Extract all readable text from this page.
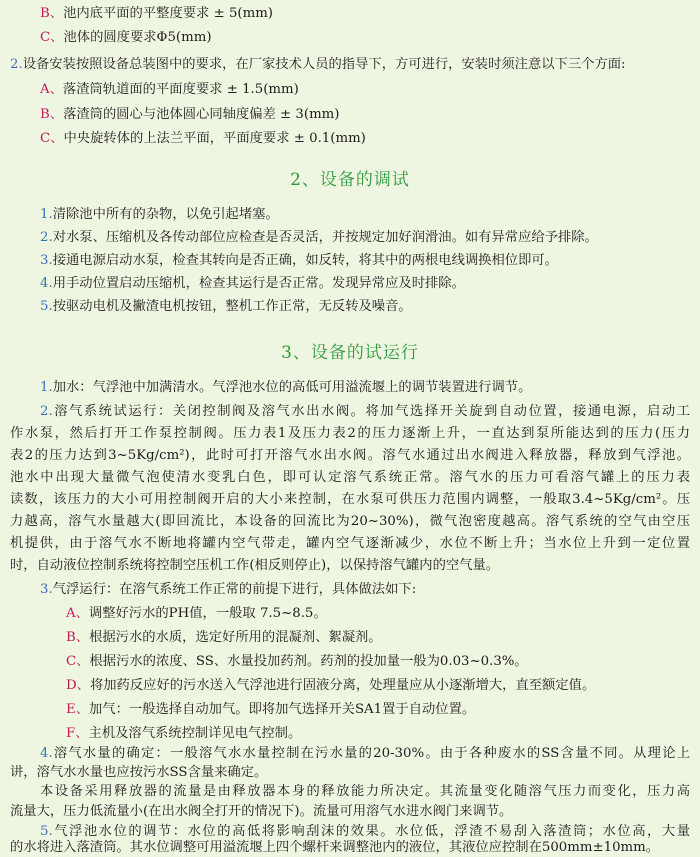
B、池内底平面的平整度要求 ± 5(mm)
C、池体的圆度要求Φ5(mm)
2.设备安装按照设备总装图中的要求，在厂家技术人员的指导下，方可进行，安装时须注意以下三个方面:
A、落渣筒轨道面的平面度要求 ± 1.5(mm)
B、落渣筒的圆心与池体圆心同轴度偏差 ± 3(mm)
C、中央旋转体的上法兰平面，平面度要求 ± 0.1(mm)
2、设备的调试
1.清除池中所有的杂物，以免引起堵塞。
2.对水泵、压缩机及各传动部位应检查是否灵活，并按规定加好润滑油。如有异常应给予排除。
3.接通电源启动水泵，检查其转向是否正确，如反转，将其中的两根电线调换相位即可。
4.用手动位置启动压缩机，检查其运行是否正常。发现异常应及时排除。
5.按驱动电机及撇渣电机按钮，整机工作正常，无反转及噪音。
3、设备的试运行
1.加水：气浮池中加满清水。气浮池水位的高低可用溢流堰上的调节装置进行调节。
2.溶气系统试运行：关闭控制阀及溶气水出水阀。将加气选择开关旋到自动位置，接通电源，启动工
作水泵，然后打开工作泵控制阀。压力表1及压力表2的压力逐渐上升，一直达到泵所能达到的压力(压力
表2的压力达到3~5Kg/cm²)，此时可打开溶气水出水阀。溶气水通过出水阀进入释放器，释放到气浮池。
池水中出现大量微气泡使清水变乳白色，即可认定溶气系统正常。溶气水的压力可看溶气罐上的压力表
读数，该压力的大小可用控制阀开启的大小来控制，在水泵可供压力范围内调整，一般取3.4~5Kg/cm²。压
力越高，溶气水量越大(即回流比，本设备的回流比为20~30%)，微气泡密度越高。溶气系统的空气由空压
机提供，由于溶气水不断地将罐内空气带走，罐内空气逐渐减少，水位不断上升；当水位上升到一定位置
时，自动液位控制系统将控制空压机工作(相反则停止)，以保持溶气罐内的空气量。
3.气浮运行：在溶气系统工作正常的前提下进行，具体做法如下:
A、调整好污水的PH值，一般取 7.5~8.5。
B、根据污水的水质，选定好所用的混凝剂、絮凝剂。
C、根据污水的浓度、SS、水量投加药剂。药剂的投加量一般为0.03~0.3%。
D、将加药反应好的污水送入气浮池进行固液分离，处理量应从小逐渐增大，直至额定值。
E、加气：一般选择自动加气。即将加气选择开关SA1置于自动位置。
F、主机及溶气系统控制详见电气控制。
4.溶气水量的确定：一般溶气水水量控制在污水量的20-30%。由于各种废水的SS含量不同。从理论上
讲，溶气水水量也应按污水SS含量来确定。
本设备采用释放器的流量是由释放器本身的释放能力所决定。其流量变化随溶气压力而变化，压力高
流量大，压力低流量小(在出水阀全打开的情况下)。流量可用溶气水进水阀门来调节。
5.气浮池水位的调节：水位的高低将影响刮沫的效果。水位低，浮渣不易刮入落渣筒；水位高，大量
的水将进入落渣筒。其水位调整可用溢流堰上四个螺杆来调整池内的液位，其液位应控制在500mm±10mm。
